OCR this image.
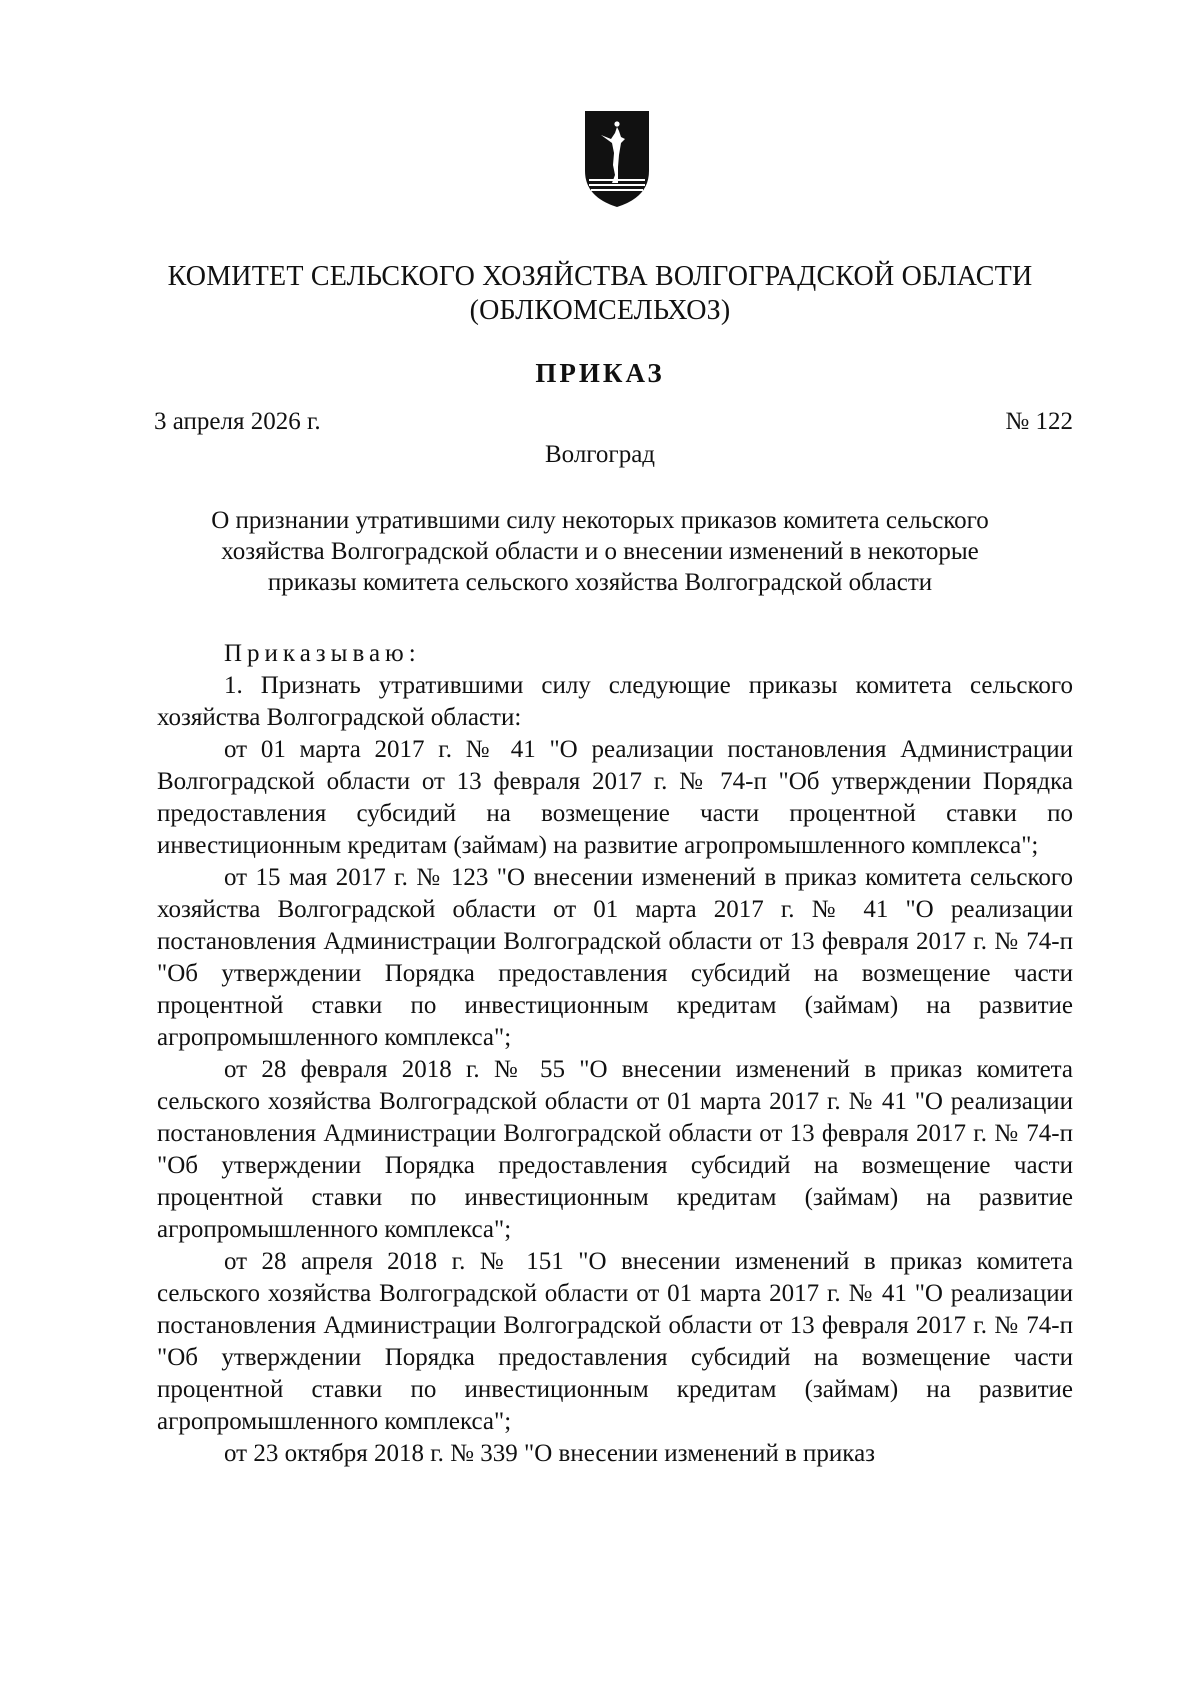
КОМИТЕТ СЕЛЬСКОГО ХОЗЯЙСТВА ВОЛГОГРАДСКОЙ ОБЛАСТИ
(ОБЛКОМСЕЛЬХОЗ)
ПРИКАЗ
3 апреля 2026 г.	№ 122
Волгоград
О признании утратившими силу некоторых приказов комитета сельского
хозяйства Волгоградской области и о внесении изменений в некоторые
приказы комитета сельского хозяйства Волгоградской области
Приказываю:

1. Признать утратившими силу следующие приказы комитета сельского хозяйства Волгоградской области:

от 01 марта 2017 г. № 41 "О реализации постановления Администрации Волгоградской области от 13 февраля 2017 г. № 74-п "Об утверждении Порядка предоставления субсидий на возмещение части процентной ставки по инвестиционным кредитам (займам) на развитие агропромышленного комплекса";

от 15 мая 2017 г. № 123 "О внесении изменений в приказ комитета сельского хозяйства Волгоградской области от 01 марта 2017 г. № 41 "О реализации постановления Администрации Волгоградской области от 13 февраля 2017 г. № 74-п "Об утверждении Порядка предоставления субсидий на возмещение части процентной ставки по инвестиционным кредитам (займам) на развитие агропромышленного комплекса";

от 28 февраля 2018 г. № 55 "О внесении изменений в приказ комитета сельского хозяйства Волгоградской области от 01 марта 2017 г. № 41 "О реализации постановления Администрации Волгоградской области от 13 февраля 2017 г. № 74-п "Об утверждении Порядка предоставления субсидий на возмещение части процентной ставки по инвестиционным кредитам (займам) на развитие агропромышленного комплекса";

от 28 апреля 2018 г. № 151 "О внесении изменений в приказ комитета сельского хозяйства Волгоградской области от 01 марта 2017 г. № 41 "О реализации постановления Администрации Волгоградской области от 13 февраля 2017 г. № 74-п "Об утверждении Порядка предоставления субсидий на возмещение части процентной ставки по инвестиционным кредитам (займам) на развитие агропромышленного комплекса";

от 23 октября 2018 г. № 339 "О внесении изменений в приказ
